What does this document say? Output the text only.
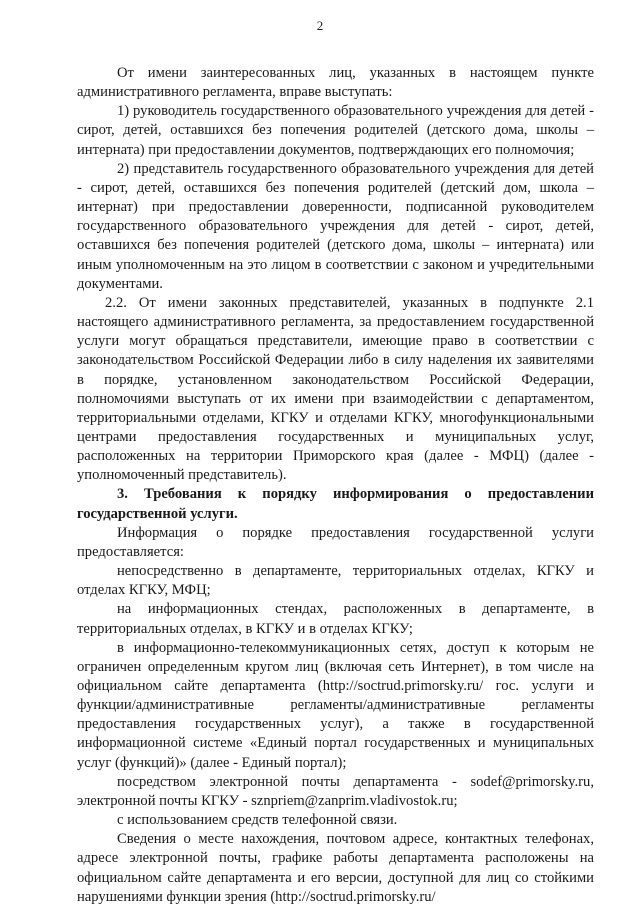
2

От имени заинтересованных лиц, указанных в настоящем пункте административного регламента, вправе выступать:

1) руководитель государственного образовательного учреждения для детей - сирот, детей, оставшихся без попечения родителей (детского дома, школы – интерната) при предоставлении документов, подтверждающих его полномочия;

2) представитель государственного образовательного учреждения для детей - сирот, детей, оставшихся без попечения родителей (детский дом, школа – интернат) при предоставлении доверенности, подписанной руководителем государственного образовательного учреждения для детей - сирот, детей, оставшихся без попечения родителей (детского дома, школы – интерната) или иным уполномоченным на это лицом в соответствии с законом и учредительными документами.

2.2. От имени законных представителей, указанных в подпункте 2.1 настоящего административного регламента, за предоставлением государственной услуги могут обращаться представители, имеющие право в соответствии с законодательством Российской Федерации либо в силу наделения их заявителями в порядке, установленном законодательством Российской Федерации, полномочиями выступать от их имени при взаимодействии с департаментом, территориальными отделами, КГКУ и отделами КГКУ, многофункциональными центрами предоставления государственных и муниципальных услуг, расположенных на территории Приморского края (далее - МФЦ) (далее - уполномоченный представитель).

3. Требования к порядку информирования о предоставлении государственной услуги.

Информация о порядке предоставления государственной услуги предоставляется:

непосредственно в департаменте, территориальных отделах, КГКУ и отделах КГКУ, МФЦ;

на информационных стендах, расположенных в департаменте, в территориальных отделах, в КГКУ и в отделах КГКУ;

в информационно-телекоммуникационных сетях, доступ к которым не ограничен определенным кругом лиц (включая сеть Интернет), в том числе на официальном сайте департамента (http://soctrud.primorsky.ru/ гос. услуги и функции/административные регламенты/административные регламенты предоставления государственных услуг), а также в государственной информационной системе «Единый портал государственных и муниципальных услуг (функций)» (далее - Единый портал);

посредством электронной почты департамента - sodef@primorsky.ru, электронной почты КГКУ - sznpriem@zanprim.vladivostok.ru;

с использованием средств телефонной связи.

Сведения о месте нахождения, почтовом адресе, контактных телефонах, адресе электронной почты, графике работы департамента расположены на официальном сайте департамента и его версии, доступной для лиц со стойкими нарушениями функции зрения (http://soctrud.primorsky.ru/
